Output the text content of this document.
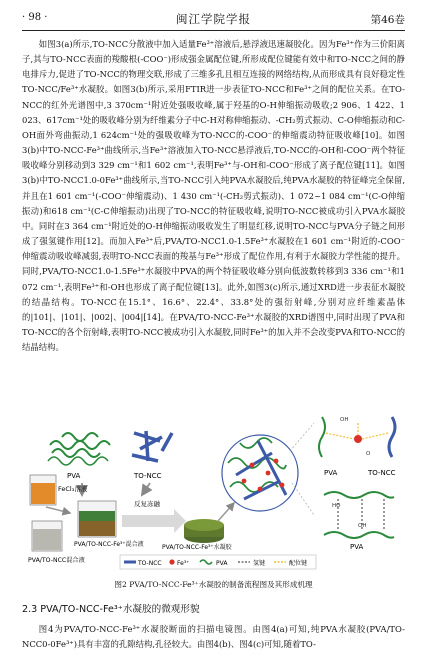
· 98 ·	闽江学院学报	第46卷
如图3(a)所示,TO-NCC分散液中加入适量Fe³⁺溶液后,悬浮液迅速凝胶化。因为Fe³⁺作为三价阳离子,其与TO-NCC表面的羧酸根(-COO⁻)形成强金属配位键,所形成配位键能有效中和TO-NCC之间的静电排斥力,促进了TO-NCC的物理交联,形成了三维多孔且相互连接的网络结构,从而形成具有良好稳定性TO-NCC/Fe³⁺水凝胶。如图3(b)所示,采用FTIR进一步表征TO-NCC和Fe³⁺之间的配位关系。在TO-NCC的红外光谱图中,3 370cm⁻¹附近处强吸收峰,属于羟基的O-H伸缩振动吸收;2 906、1 422、1 023、617cm⁻¹处的吸收峰分别为纤维素分子中C-H对称伸缩振动、-CH₂剪式振动、C-O伸缩振动和C-OH面外弯曲振动,1 624cm⁻¹处的强吸收峰为TO-NCC的-COO⁻的伸缩震动特征吸收峰[10]。如图3(b)中TO-NCC-Fe³⁺曲线所示,当Fe³⁺溶液加入TO-NCC悬浮液后,TO-NCC的-OH和-COO⁻两个特征吸收峰分别移动到3 329 cm⁻¹和1 602 cm⁻¹,表明Fe³⁺与-OH和-COO⁻形成了离子配位键[11]。如图3(b)中TO-NCC1.0-0Fe³⁺曲线所示,当TO-NCC引入纯PVA水凝胶后,纯PVA水凝胶的特征峰完全保留,并且在1 601 cm⁻¹(-COO⁻伸缩震动)、1 430 cm⁻¹(-CH₂剪式振动)、1 072~1 084 cm⁻¹(C-O伸缩振动)和618 cm⁻¹(C-C伸缩振动)出现了TO-NCC的特征吸收峰,说明TO-NCC被成功引入PVA水凝胶中。同时在3 364 cm⁻¹附近处的O-H伸缩振动吸收发生了明显红移,说明TO-NCC与PVA分子链之间形成了强氢键作用[12]。而加入Fe³⁺后,PVA/TO-NCC1.0-1.5Fe³⁺水凝胶在1 601 cm⁻¹附近的-COO⁻伸缩震动吸收峰减弱,表明TO-NCC表面的羧基与Fe³⁺形成了配位作用,有利于水凝胶力学性能的提升。同时,PVA/TO-NCC1.0-1.5Fe³⁺水凝胶中PVA的两个特征吸收峰分别向低波数转移到3 336 cm⁻¹和1 072 cm⁻¹,表明Fe³⁺和-OH也形成了离子配位键[13]。此外,如图3(c)所示,通过XRD进一步表征水凝胶的结晶结构。TO-NCC在15.1°、16.6°、22.4°、33.8°处的强衍射峰,分别对应纤维素晶体的|101|、|101|、|002|、|004|[14]。在PVA/TO-NCC-Fe³⁺水凝胶的XRD谱图中,同时出现了PVA和TO-NCC的各个衍射峰,表明TO-NCC被成功引入水凝胶,同时Fe³⁺的加入并不会改变PVA和TO-NCC的结晶结构。
PVA	TO-NCC
FeCl₃溶液
PVA/TO-NCC混合液
PVA/TO-NCC-Fe³⁺混合液
反复冻融
PVA/TO-NCC-Fe³⁺水凝胶
OH
O
PVA	TO-NCC
HO
OH
PVA
TO-NCC	Fe³⁺	PVA	氢键	配位键
图2 PVA/TO-NCC-Fe³⁺水凝胶的制备流程图及其形成机理
2.3 PVA/TO-NCC-Fe³⁺水凝胶的微观形貌
图4为PVA/TO-NCC-Fe³⁺水凝胶断面的扫描电镜图。由图4(a)可知,纯PVA水凝胶(PVA/TO-NCC0-0Fe³⁺)具有丰富的孔隙结构,孔径较大。由图4(b)、图4(c)可知,随着TO-
